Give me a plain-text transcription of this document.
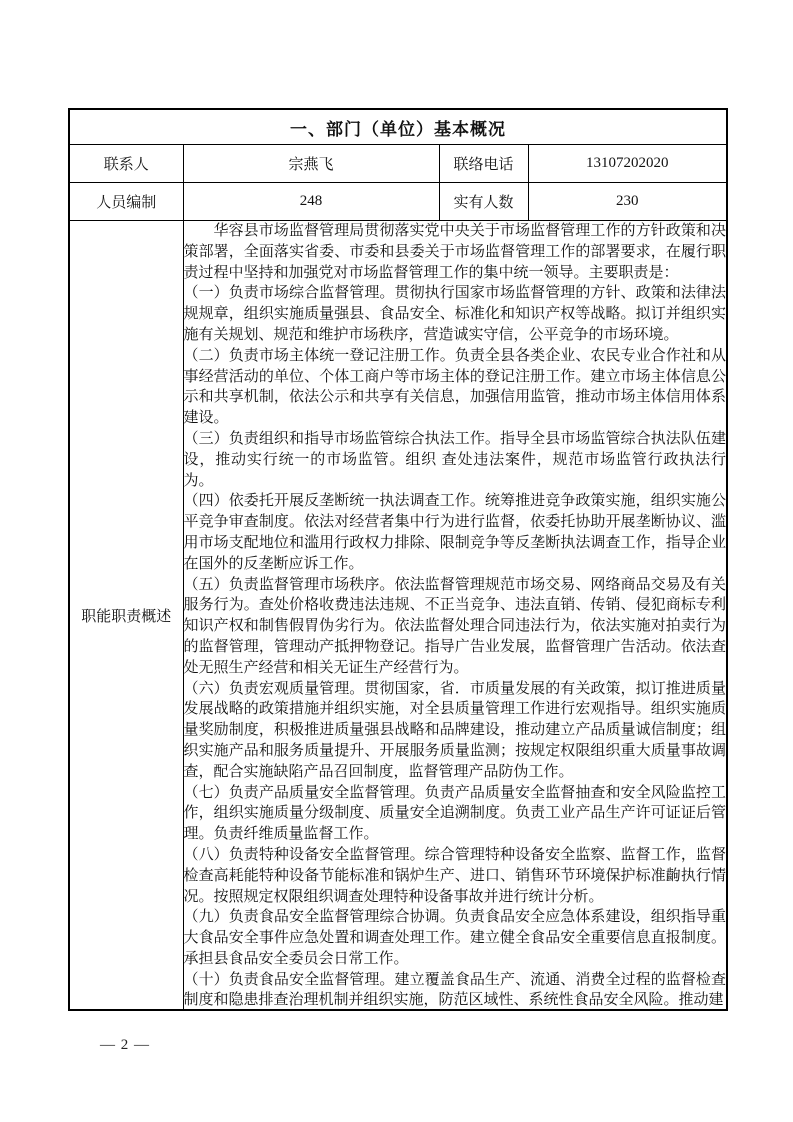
一、部门（单位）基本概况			
联系人	宗燕飞	联络电话	13107202020
人员编制	248	实有人数	230
职能职责概述	

华容县市场监督管理局贯彻落实党中央关于市场监督管理工作的方针政策和决策部署，全面落实省委、市委和县委关于市场监督管理工作的部署要求，在履行职责过程中坚持和加强党对市场监督管理工作的集中统一领导。主要职责是：

（一）负责市场综合监督管理。贯彻执行国家市场监督管理的方针、政策和法律法规规章，组织实施质量强县、食品安全、标准化和知识产权等战略。拟订并组织实施有关规划、规范和维护市场秩序，营造诚实守信，公平竞争的市场环境。

（二）负责市场主体统一登记注册工作。负责全县各类企业、农民专业合作社和从事经营活动的单位、个体工商户等市场主体的登记注册工作。建立市场主体信息公示和共享机制，依法公示和共享有关信息，加强信用监管，推动市场主体信用体系建设。

（三）负责组织和指导市场监管综合执法工作。指导全县市场监管综合执法队伍建设，推动实行统一的市场监管。组织 查处违法案件，规范市场监管行政执法行为。

（四）依委托开展反垄断统一执法调查工作。统筹推进竞争政策实施，组织实施公平竞争审查制度。依法对经营者集中行为进行监督，依委托协助开展垄断协议、滥用市场支配地位和滥用行政权力排除、限制竞争等反垄断执法调查工作，指导企业在国外的反垄断应诉工作。

（五）负责监督管理市场秩序。依法监督管理规范市场交易、网络商品交易及有关服务行为。查处价格收费违法违规、不正当竞争、违法直销、传销、侵犯商标专利知识产权和制售假胃伪劣行为。依法监督处理合同违法行为，依法实施对拍卖行为的监督管理，管理动产抵押物登记。指导广告业发展，监督管理广告活动。依法查处无照生产经营和相关无证生产经营行为。

（六）负责宏观质量管理。贯彻国家，省．市质量发展的有关政策，拟订推进质量发展战略的政策措施并组织实施，对全县质量管理工作进行宏观指导。组织实施质量奖励制度，积极推进质量强县战略和品牌建设，推动建立产品质量诚信制度；组织实施产品和服务质量提升、开展服务质量监测；按规定权限组织重大质量事故调查，配合实施缺陷产品召回制度，监督管理产品防伪工作。

（七）负责产品质量安全监督管理。负责产品质量安全监督抽查和安全风险监控工作，组织实施质量分级制度、质量安全追溯制度。负责工业产品生产许可证证后管理。负责纤维质量监督工作。

（八）负责特种设备安全监督管理。综合管理特种设备安全监察、监督工作，监督检查高耗能特种设备节能标准和锅炉生产、进口、销售环节环境保护标准齣执行情况。按照规定权限组织调查处理特种设备事故并进行统计分析。

（九）负责食品安全监督管理综合协调。负责食品安全应急体系建设，组织指导重大食品安全事件应急处置和调查处理工作。建立健全食品安全重要信息直报制度。承担县食品安全委员会日常工作。

（十）负责食品安全监督管理。建立覆盖食品生产、流通、消费全过程的监督检查制度和隐患排查治理机制并组织实施，防范区域性、系统性食品安全风险。推动建

— 2 —
